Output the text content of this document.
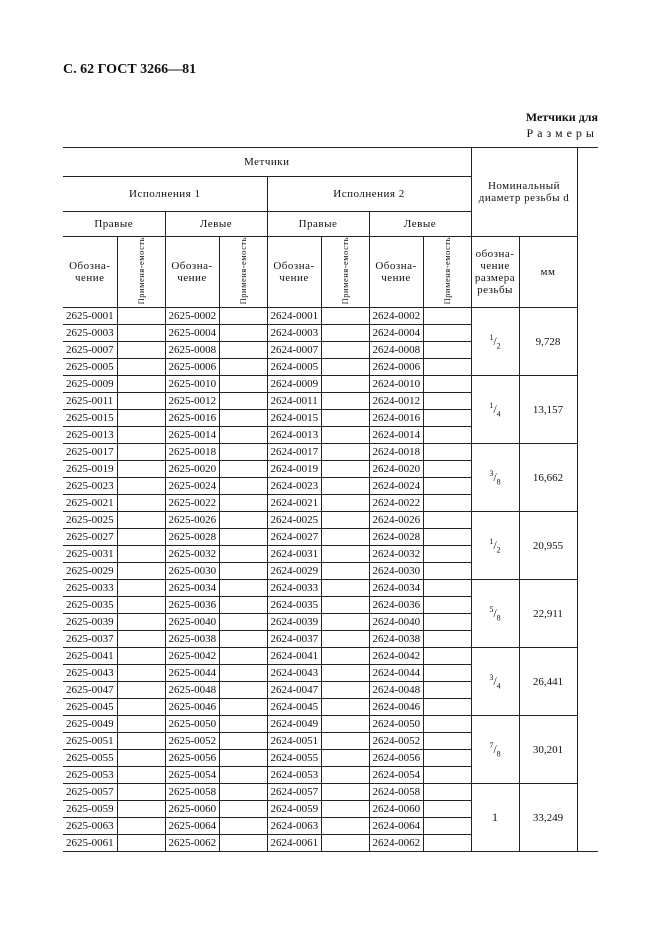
С. 62 ГОСТ 3266—81
Метчики для
Размеры
Метчики								Номинальный диаметр резьбы d		
Исполнения 1				Исполнения 2						
Правые		Левые		Правые		Левые				
Обозна-чение	Применя-емость	Обозна-чение	Применя-емость	Обозна-чение	Применя-емость	Обозна-чение	Применя-емость	обозна-чение размера резьбы	мм	
2625-0001		2625-0002		2624-0001		2624-0002		$^1/_2$	9,728	
2625-0003		2625-0004		2624-0003		2624-0004				
2625-0007		2625-0008		2624-0007		2624-0008				
2625-0005		2625-0006		2624-0005		2624-0006				
2625-0009		2625-0010		2624-0009		2624-0010		$^1/_4$	13,157	
2625-0011		2625-0012		2624-0011		2624-0012				
2625-0015		2625-0016		2624-0015		2624-0016				
2625-0013		2625-0014		2624-0013		2624-0014				
2625-0017		2625-0018		2624-0017		2624-0018		$^3/_8$	16,662	
2625-0019		2625-0020		2624-0019		2624-0020				
2625-0023		2625-0024		2624-0023		2624-0024				
2625-0021		2625-0022		2624-0021		2624-0022				
2625-0025		2625-0026		2624-0025		2624-0026		$^1/_2$	20,955	
2625-0027		2625-0028		2624-0027		2624-0028				
2625-0031		2625-0032		2624-0031		2624-0032				
2625-0029		2625-0030		2624-0029		2624-0030				
2625-0033		2625-0034		2624-0033		2624-0034		$^5/_8$	22,911	
2625-0035		2625-0036		2624-0035		2624-0036				
2625-0039		2625-0040		2624-0039		2624-0040				
2625-0037		2625-0038		2624-0037		2624-0038				
2625-0041		2625-0042		2624-0041		2624-0042		$^3/_4$	26,441	
2625-0043		2625-0044		2624-0043		2624-0044				
2625-0047		2625-0048		2624-0047		2624-0048				
2625-0045		2625-0046		2624-0045		2624-0046				
2625-0049		2625-0050		2624-0049		2624-0050		$^7/_8$	30,201	
2625-0051		2625-0052		2624-0051		2624-0052				
2625-0055		2625-0056		2624-0055		2624-0056				
2625-0053		2625-0054		2624-0053		2624-0054				
2625-0057		2625-0058		2624-0057		2624-0058		1	33,249	
2625-0059		2625-0060		2624-0059		2624-0060				
2625-0063		2625-0064		2624-0063		2624-0064				
2625-0061		2625-0062		2624-0061		2624-0062				
